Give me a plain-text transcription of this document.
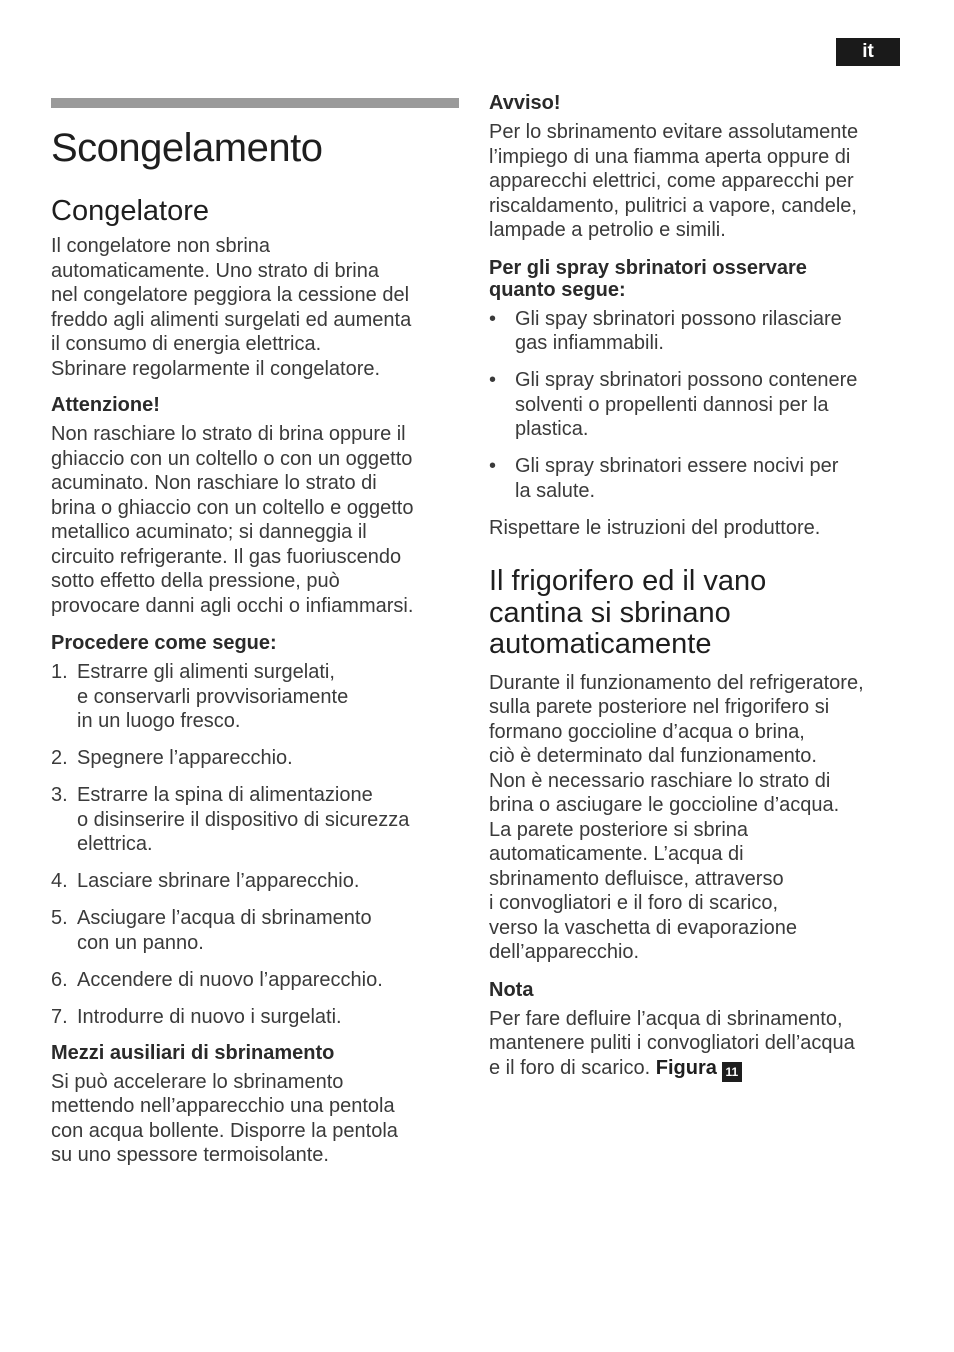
it
Scongelamento
Congelatore

Il congelatore non sbrina
automaticamente. Uno strato di brina
nel congelatore peggiora la cessione del
freddo agli alimenti surgelati ed aumenta
il consumo di energia elettrica.
Sbrinare regolarmente il congelatore.

Attenzione!

Non raschiare lo strato di brina oppure il
ghiaccio con un coltello o con un oggetto
acuminato. Non raschiare lo strato di
brina o ghiaccio con un coltello e oggetto
metallico acuminato; si danneggia il
circuito refrigerante. Il gas fuoriuscendo
sotto effetto della pressione, può
provocare danni agli occhi o infiammarsi.

Procedere come segue:
1. Estrarre gli alimenti surgelati,
e conservarli provvisoriamente
in un luogo fresco.
2. Spegnere l’apparecchio.
3. Estrarre la spina di alimentazione
o disinserire il dispositivo di sicurezza
elettrica.
4. Lasciare sbrinare l’apparecchio.
5. Asciugare l’acqua di sbrinamento
con un panno.
6. Accendere di nuovo l’apparecchio.
7. Introdurre di nuovo i surgelati.
Mezzi ausiliari di sbrinamento

Si può accelerare lo sbrinamento
mettendo nell’apparecchio una pentola
con acqua bollente. Disporre la pentola
su uno spessore termoisolante.

Avviso!

Per lo sbrinamento evitare assolutamente
l’impiego di una fiamma aperta oppure di
apparecchi elettrici, come apparecchi per
riscaldamento, pulitrici a vapore, candele,
lampade a petrolio e simili.

Per gli spray sbrinatori osservare
quanto segue:
• Gli spay sbrinatori possono rilasciare
gas infiammabili.
• Gli spray sbrinatori possono contenere
solventi o propellenti dannosi per la
plastica.
• Gli spray sbrinatori essere nocivi per
la salute.

Rispettare le istruzioni del produttore.

Il frigorifero ed il vano
cantina si sbrinano
automaticamente

Durante il funzionamento del refrigeratore,
sulla parete posteriore nel frigorifero si
formano goccioline d’acqua o brina,
ciò è determinato dal funzionamento.
Non è necessario raschiare lo strato di
brina o asciugare le goccioline d’acqua.
La parete posteriore si sbrina
automaticamente. L’acqua di
sbrinamento defluisce, attraverso
i convogliatori e il foro di scarico,
verso la vaschetta di evaporazione
dell’apparecchio.

Nota

Per fare defluire l’acqua di sbrinamento,
mantenere puliti i convogliatori dell’acqua
e il foro di scarico. Figura 11
